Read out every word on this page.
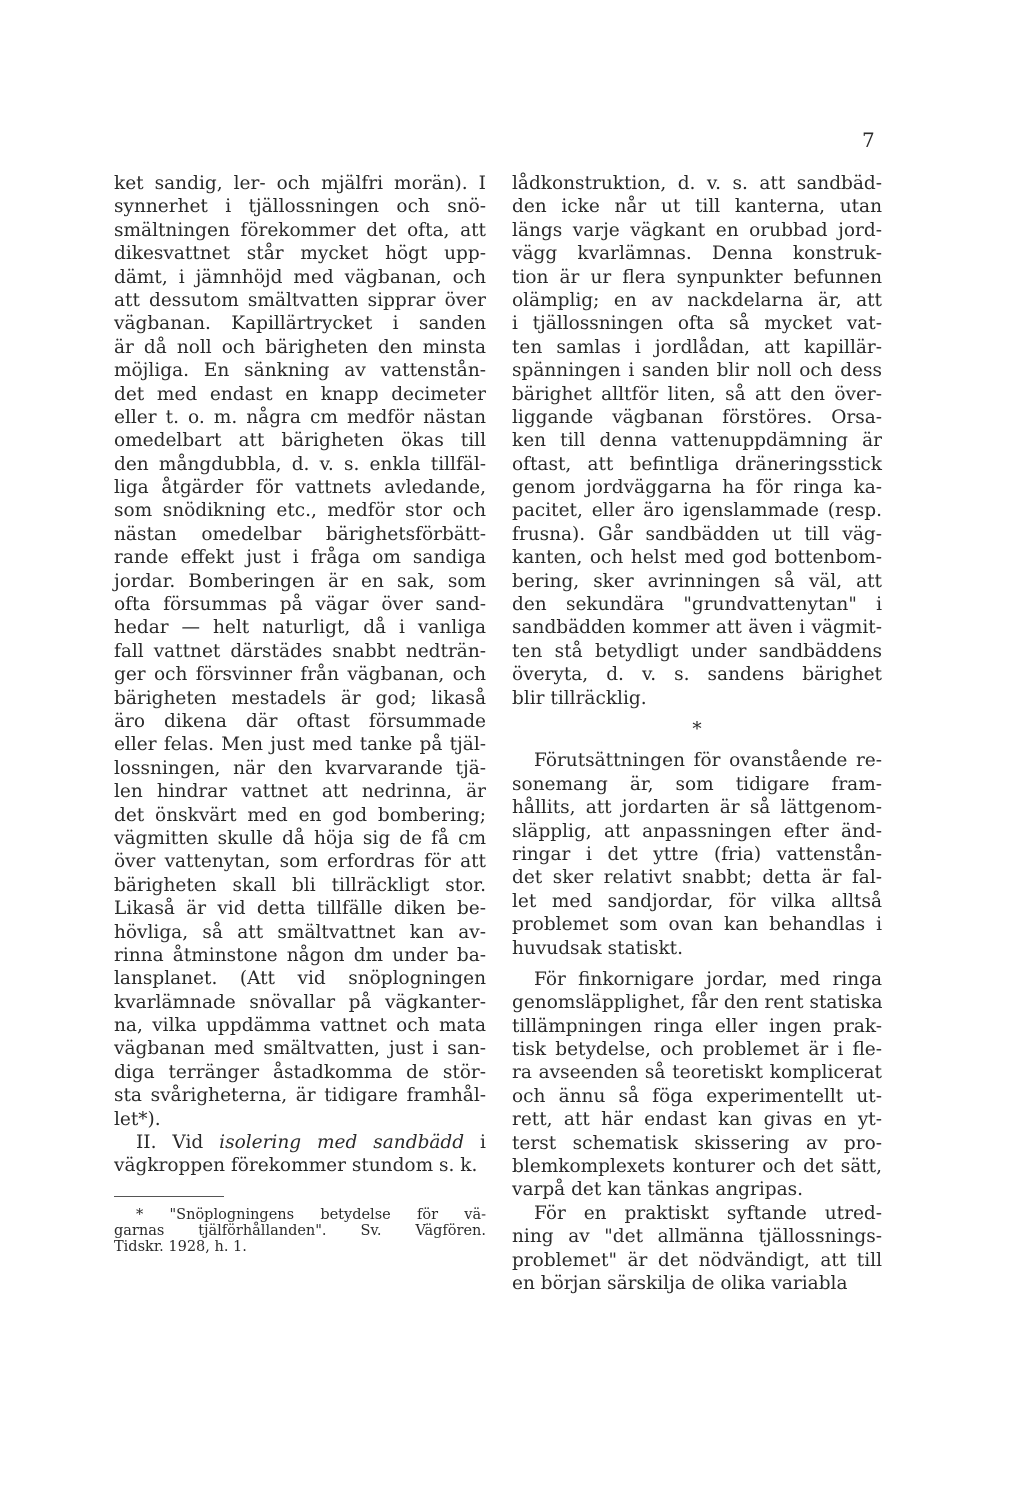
7
ket sandig, ler- och mjälfri morän). I
synnerhet i tjällossningen och snö-
smältningen förekommer det ofta, att
dikesvattnet står mycket högt upp-
dämt, i jämnhöjd med vägbanan, och
att dessutom smältvatten sipprar över
vägbanan. Kapillärtrycket i sanden
är då noll och bärigheten den minsta
möjliga. En sänkning av vattenstån-
det med endast en knapp decimeter
eller t. o. m. några cm medför nästan
omedelbart att bärigheten ökas till
den mångdubbla, d. v. s. enkla tillfäl-
liga åtgärder för vattnets avledande,
som snödikning etc., medför stor och
nästan omedelbar bärighetsförbätt-
rande effekt just i fråga om sandiga
jordar. Bomberingen är en sak, som
ofta försummas på vägar över sand-
hedar — helt naturligt, då i vanliga
fall vattnet därstädes snabbt nedträn-
ger och försvinner från vägbanan, och
bärigheten mestadels är god; likaså
äro dikena där oftast försummade
eller felas. Men just med tanke på tjäl-
lossningen, när den kvarvarande tjä-
len hindrar vattnet att nedrinna, är
det önskvärt med en god bombering;
vägmitten skulle då höja sig de få cm
över vattenytan, som erfordras för att
bärigheten skall bli tillräckligt stor.
Likaså är vid detta tillfälle diken be-
hövliga, så att smältvattnet kan av-
rinna åtminstone någon dm under ba-
lansplanet. (Att vid snöplogningen
kvarlämnade snövallar på vägkanter-
na, vilka uppdämma vattnet och mata
vägbanan med smältvatten, just i san-
diga terränger åstadkomma de stör-
sta svårigheterna, är tidigare framhål-
let*).
II. Vid isolering med sandbädd i
vägkroppen förekommer stundom s. k.
* "Snöplogningens betydelse för vä-
garnas tjälförhållanden". Sv. Vägfören.
Tidskr. 1928, h. 1.
lådkonstruktion, d. v. s. att sandbäd-
den icke når ut till kanterna, utan
längs varje vägkant en orubbad jord-
vägg kvarlämnas. Denna konstruk-
tion är ur flera synpunkter befunnen
olämplig; en av nackdelarna är, att
i tjällossningen ofta så mycket vat-
ten samlas i jordlådan, att kapillär-
spänningen i sanden blir noll och dess
bärighet alltför liten, så att den över-
liggande vägbanan förstöres. Orsa-
ken till denna vattenuppdämning är
oftast, att befintliga dräneringsstick
genom jordväggarna ha för ringa ka-
pacitet, eller äro igenslammade (resp.
frusna). Går sandbädden ut till väg-
kanten, och helst med god bottenbom-
bering, sker avrinningen så väl, att
den sekundära "grundvattenytan" i
sandbädden kommer att även i vägmit-
ten stå betydligt under sandbäddens
överyta, d. v. s. sandens bärighet
blir tillräcklig.
*
Förutsättningen för ovanstående re-
sonemang är, som tidigare fram-
hållits, att jordarten är så lättgenom-
släpplig, att anpassningen efter änd-
ringar i det yttre (fria) vattenstån-
det sker relativt snabbt; detta är fal-
let med sandjordar, för vilka alltså
problemet som ovan kan behandlas i
huvudsak statiskt.
För finkornigare jordar, med ringa
genomsläpplighet, får den rent statiska
tillämpningen ringa eller ingen prak-
tisk betydelse, och problemet är i fle-
ra avseenden så teoretiskt komplicerat
och ännu så föga experimentellt ut-
rett, att här endast kan givas en yt-
terst schematisk skissering av pro-
blemkomplexets konturer och det sätt,
varpå det kan tänkas angripas.
För en praktiskt syftande utred-
ning av "det allmänna tjällossnings-
problemet" är det nödvändigt, att till
en början särskilja de olika variabla
